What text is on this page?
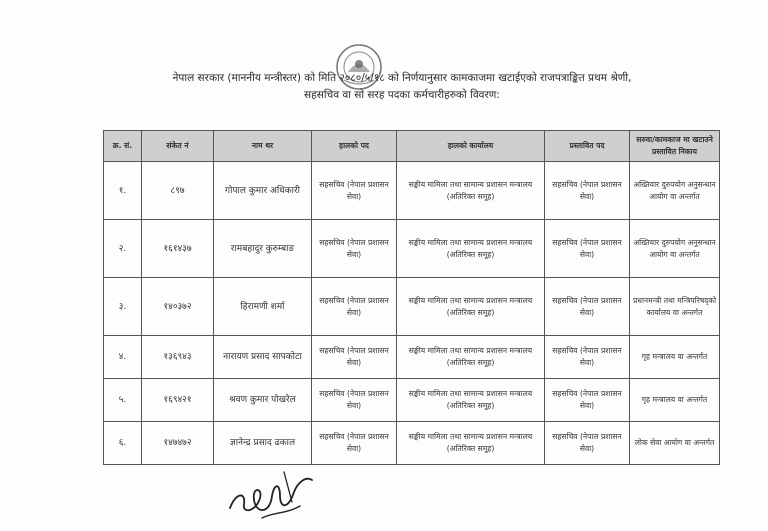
नेपाल सरकार (माननीय मन्त्रीस्तर) को मिति २०८०/५/१८ को निर्णयानुसार कामकाजमा खटाईएको राजपत्राङ्कित प्रथम श्रेणी,
सहसचिव वा सो सरह पदका कर्मचारीहरुको विवरण:
क्र. सं.	संकेत नं	नाम थर	हालको पद	हालको कार्यालय	प्रस्तावित पद	सरुवा/कामकाज मा खटाउने प्रस्तावित निकाय
१.	८९७	गोपाल कुमार अधिकारी	सहसचिव (नेपाल प्रशासन सेवा)	सङ्घीय मामिला तथा सामान्य प्रशासन मन्त्रालय (अतिरिक्त समूह)	सहसचिव (नेपाल प्रशासन सेवा)	अख्तियार दुरुपयोग अनुसन्धान आयोग वा अन्तर्गत
२.	१६१४३७	रामबहादुर कुरुम्बाङ	सहसचिव (नेपाल प्रशासन सेवा)	सङ्घीय मामिला तथा सामान्य प्रशासन मन्त्रालय (अतिरिक्त समूह)	सहसचिव (नेपाल प्रशासन सेवा)	अख्तियार दुरुपयोग अनुसन्धान आयोग वा अन्तर्गत
३.	१४०३७२	हिरामणी शर्मा	सहसचिव (नेपाल प्रशासन सेवा)	सङ्घीय मामिला तथा सामान्य प्रशासन मन्त्रालय (अतिरिक्त समूह)	सहसचिव (नेपाल प्रशासन सेवा)	प्रधानमन्त्री तथा मन्त्रिपरिषद्को कार्यालय वा अन्तर्गत
४.	१३६९४३	नारायण प्रसाद सापकोटा	सहसचिव (नेपाल प्रशासन सेवा)	सङ्घीय मामिला तथा सामान्य प्रशासन मन्त्रालय (अतिरिक्त समूह)	सहसचिव (नेपाल प्रशासन सेवा)	गृह मन्त्रालय वा अन्तर्गत
५.	१६९४२१	श्रवण कुमार पोखरेल	सहसचिव (नेपाल प्रशासन सेवा)	सङ्घीय मामिला तथा सामान्य प्रशासन मन्त्रालय (अतिरिक्त समूह)	सहसचिव (नेपाल प्रशासन सेवा)	गृह मन्त्रालय वा अन्तर्गत
६.	१४७४७२	ज्ञानेन्द्र प्रसाद ढकाल	सहसचिव (नेपाल प्रशासन सेवा)	सङ्घीय मामिला तथा सामान्य प्रशासन मन्त्रालय (अतिरिक्त समूह)	सहसचिव (नेपाल प्रशासन सेवा)	लोक सेवा आयोग वा अन्तर्गत
